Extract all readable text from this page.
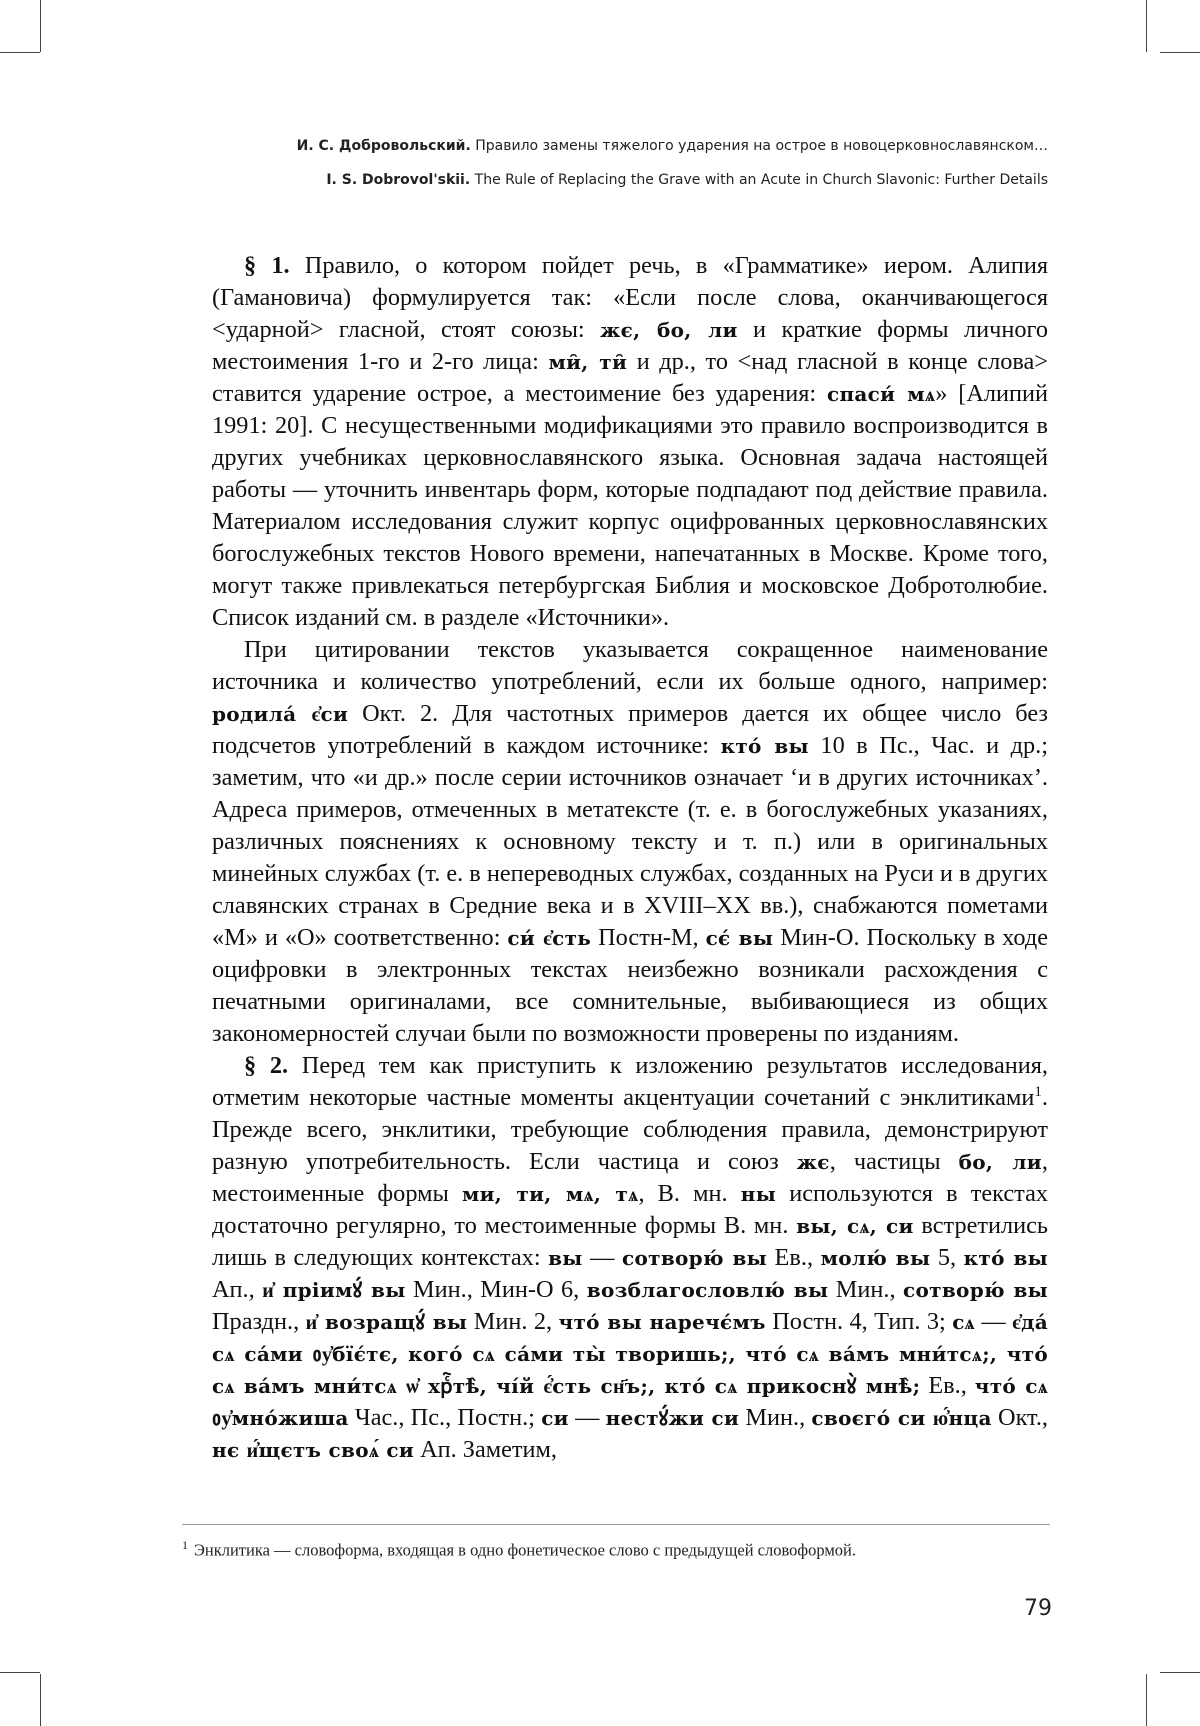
И. С. Добровольский. Правило замены тяжелого ударения на острое в новоцерковнославянском…
I. S. Dobrovol'skii. The Rule of Replacing the Grave with an Acute in Church Slavonic: Further Details

§ 1. Правило, о котором пойдет речь, в «Грамматике» иером. Алипия (Гамановича) формулируется так: «Если после слова, оканчивающегося <ударной> гласной, стоят союзы: жє, бо, ли и краткие формы личного местоимения 1-го и 2-го лица: ми̑, ти̑ и др., то <над гласной в конце слова> ставится ударение острое, а местоимение без ударения: спаси́ мѧ» [Алипий 1991: 20]. С несущественными модификациями это правило воспроизводится в других учебниках церковнославянского языка. Основная задача настоящей работы — уточнить инвентарь форм, которые подпадают под действие правила. Материалом исследования служит корпус оцифрованных церковнославянских богослужебных текстов Нового времени, напечатанных в Москве. Кроме того, могут также привлекаться петербургская Библия и московское Добротолюбие. Список изданий см. в разделе «Источники».

При цитировании текстов указывается сокращенное наименование источника и количество употреблений, если их больше одного, например: родила́ є҆си Окт. 2. Для частотных примеров дается их общее число без подсчетов употреблений в каждом источнике: кто́ вы 10 в Пс., Час. и др.; заметим, что «и др.» после серии источников означает ‘и в других источниках’. Адреса примеров, отмеченных в метатексте (т. е. в богослужебных указаниях, различных пояснениях к основному тексту и т. п.) или в оригинальных минейных службах (т. е. в непереводных службах, созданных на Руси и в других славянских странах в Средние века и в XVIII–XX вв.), снабжаются пометами «М» и «О» соответственно: си́ є҆сть Постн-М, сє́ вы Мин-О. Поскольку в ходе оцифровки в электронных текстах неизбежно возникали расхождения с печатными оригиналами, все сомнительные, выбивающиеся из общих закономерностей случаи были по возможности проверены по изданиям.

§ 2. Перед тем как приступить к изложению результатов исследования, отметим некоторые частные моменты акцентуации сочетаний с энклитиками$^1$. Прежде всего, энклитики, требующие соблюдения правила, демонстрируют разную употребительность. Если частица и союз жє, частицы бо, ли, местоименные формы ми, ти, мѧ, тѧ, В. мн. ны используются в текстах достаточно регулярно, то местоименные формы В. мн. вы, сѧ, си встретились лишь в следующих контекстах: вы — сотворю́ вы Ев., молю́ вы 5, кто́ вы Ап., и҆ пріимꙋ́ вы Мин., Мин-О 6, возблагословлю́ вы Мин., сотворю́ вы Праздн., и҆ возращꙋ́ вы Мин. 2, что́ вы наречє́мъ Постн. 4, Тип. 3; сѧ — є҆да́ сѧ са́ми ᲂу҆бїє́тє, кого́ сѧ са́ми ты̀ творишь;, что́ сѧ ва́мъ мни́тсѧ;, что́ сѧ ва́мъ мни́тсѧ ѡ҆ хрⷭ҇тѣ̀, чі́й є҆́сть сн҃ъ;, кто́ сѧ прикоснꙋ̀ мнѣ̀; Ев., что́ сѧ ᲂу҆мно́жиша Час., Пс., Постн.; си — нестꙋ́жи си Мин., своєго́ си ю҆́нца Окт., нє и҆́щєтъ своѧ́ си Ап. Заметим,

$^1$ Энклитика — словоформа, входящая в одно фонетическое слово с предыдущей словоформой.
79
